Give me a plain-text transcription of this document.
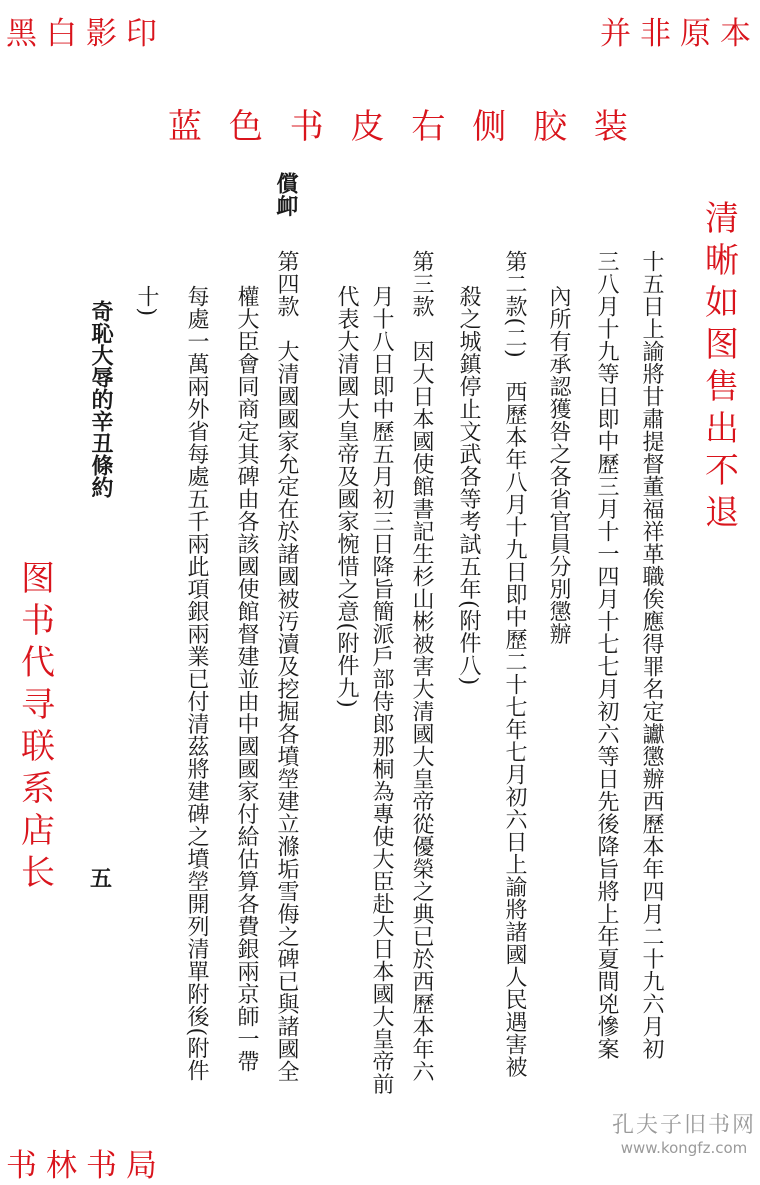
黑白影印	并非原本
书林书局
償卹
十五日上諭將甘肅提督董福祥革職俟應得罪名定讞懲辦西歷本年四月二十九六月初
三八月十九等日即中歷三月十一四月十七七月初六等日先後降旨將上年夏間兇慘案
內所有承認獲咎之各省官員分別懲辦
第二款(二)　西歷本年八月十九日即中歷二十七年七月初六日上諭將諸國人民遇害被
殺之城鎮停止文武各等考試五年(附件八)
第三款　因大日本國使館書記生杉山彬被害大清國大皇帝從優榮之典已於西歷本年六
月十八日即中歷五月初三日降旨簡派戶部侍郎那桐為專使大臣赴大日本國大皇帝前
代表大清國大皇帝及國家惋惜之意(附件九)
第四款　大清國國家允定在於諸國被汚瀆及挖掘各墳塋建立滌垢雪侮之碑已與諸國全
權大臣會同商定其碑由各該國使館督建並由中國國家付給估算各費銀兩京師一帶
每處一萬兩外省每處五千兩此項銀兩業已付清茲將建碑之墳塋開列清單附後(附件
十)
奇恥大辱的辛丑條約
五
蓝 色 书 皮 右 侧 胶 装
清
晰
如
图
售
出
不
退
图
书
代
寻
联
系
店
长
孔夫子旧书网
www.kongfz.com
